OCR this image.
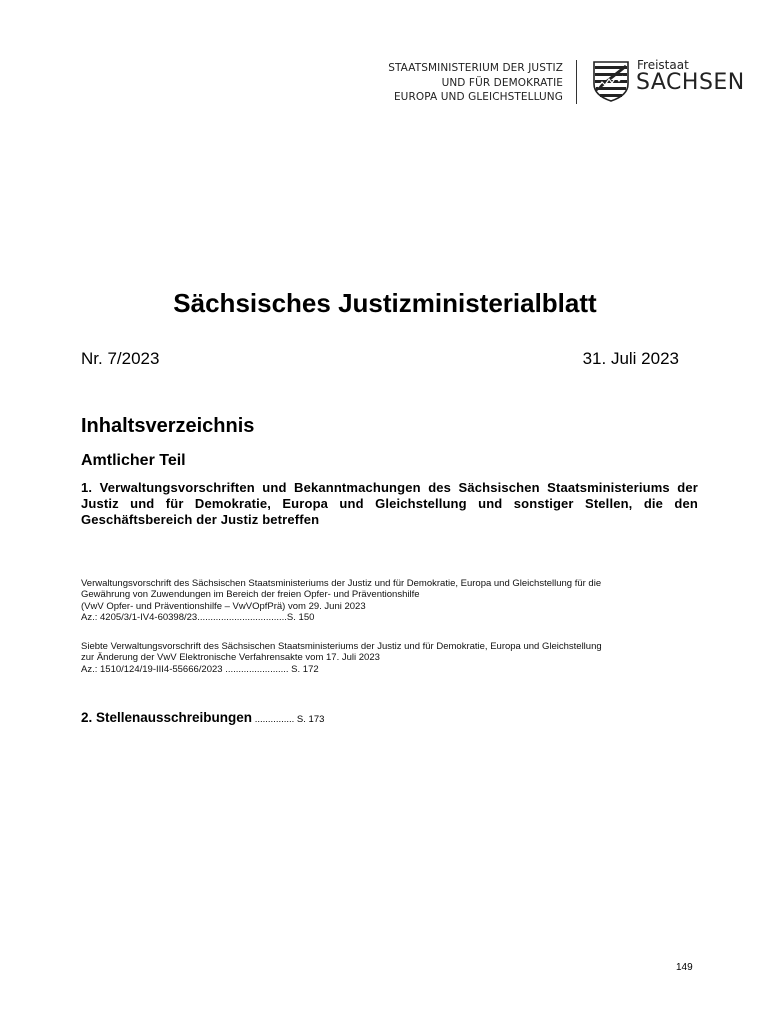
STAATSMINISTERIUM DER JUSTIZ
UND FÜR DEMOKRATIE
EUROPA UND GLEICHSTELLUNG
Freistaat
SACHSEN
Sächsisches Justizministerialblatt
Nr. 7/2023	31. Juli 2023
Inhaltsverzeichnis
Amtlicher Teil
1. Verwaltungsvorschriften und Bekanntmachungen des Sächsischen Staatsministeriums der Justiz und für Demokratie, Europa und Gleichstellung und sonstiger Stellen, die den Geschäftsbereich der Justiz betreffen
Verwaltungsvorschrift des Sächsischen Staatsministeriums der Justiz und für Demokratie, Europa und Gleichstellung für die
Gewährung von Zuwendungen im Bereich der freien Opfer- und Präventionshilfe
(VwV Opfer- und Präventionshilfe – VwVOpfPrä) vom 29. Juni 2023
Az.: 4205/3/1-IV4-60398/23..................................S. 150
Siebte Verwaltungsvorschrift des Sächsischen Staatsministeriums der Justiz und für Demokratie, Europa und Gleichstellung
zur Änderung der VwV Elektronische Verfahrensakte vom 17. Juli 2023
Az.: 1510/124/19-III4-55666/2023 ........................ S. 172
2. Stellenausschreibungen ............... S. 173
149
